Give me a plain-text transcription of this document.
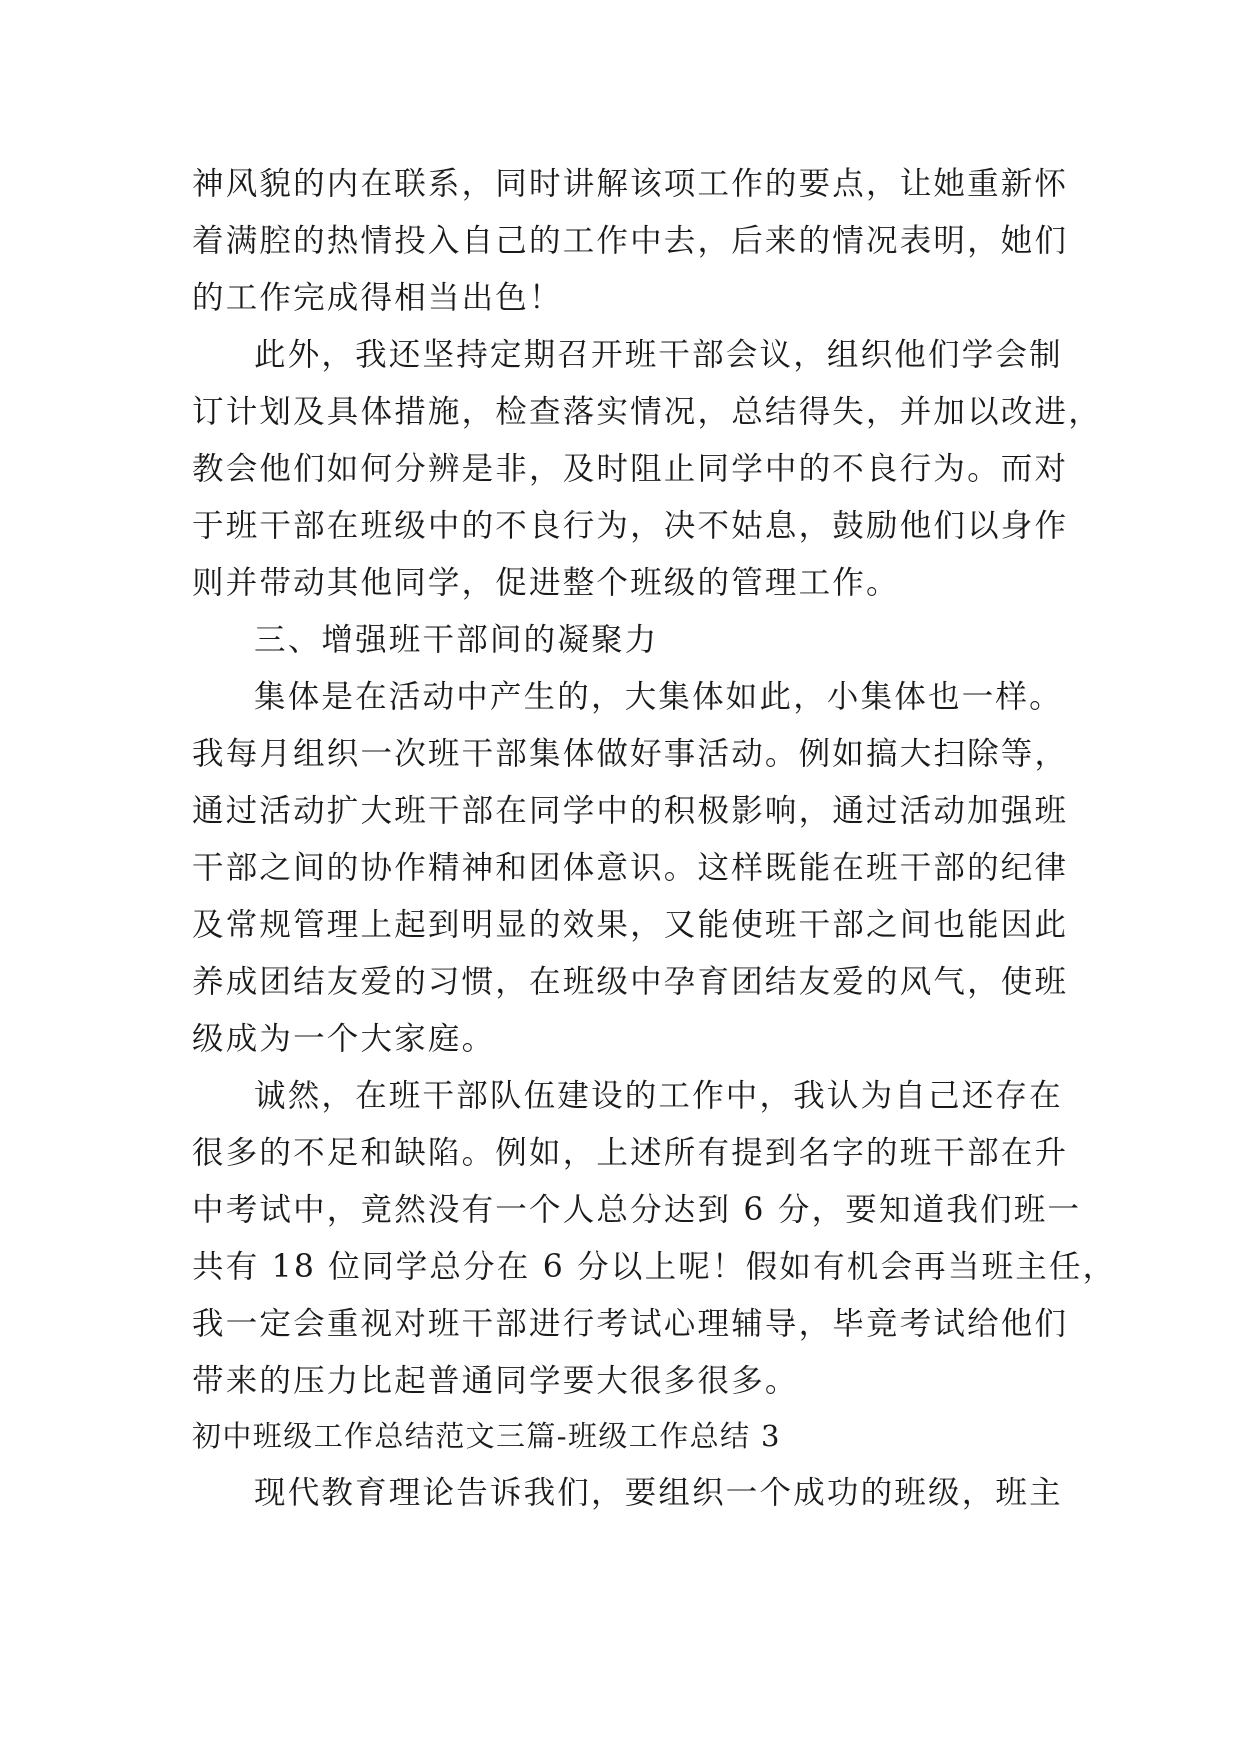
神风貌的内在联系，同时讲解该项工作的要点，让她重新怀
着满腔的热情投入自己的工作中去，后来的情况表明，她们
的工作完成得相当出色！
此外，我还坚持定期召开班干部会议，组织他们学会制
订计划及具体措施，检查落实情况，总结得失，并加以改进，
教会他们如何分辨是非，及时阻止同学中的不良行为。而对
于班干部在班级中的不良行为，决不姑息，鼓励他们以身作
则并带动其他同学，促进整个班级的管理工作。
三、增强班干部间的凝聚力
集体是在活动中产生的，大集体如此，小集体也一样。
我每月组织一次班干部集体做好事活动。例如搞大扫除等，
通过活动扩大班干部在同学中的积极影响，通过活动加强班
干部之间的协作精神和团体意识。这样既能在班干部的纪律
及常规管理上起到明显的效果，又能使班干部之间也能因此
养成团结友爱的习惯，在班级中孕育团结友爱的风气，使班
级成为一个大家庭。
诚然，在班干部队伍建设的工作中，我认为自己还存在
很多的不足和缺陷。例如，上述所有提到名字的班干部在升
中考试中，竟然没有一个人总分达到 6 分，要知道我们班一
共有 18 位同学总分在 6 分以上呢！假如有机会再当班主任，
我一定会重视对班干部进行考试心理辅导，毕竟考试给他们
带来的压力比起普通同学要大很多很多。
初中班级工作总结范文三篇-班级工作总结 3
现代教育理论告诉我们，要组织一个成功的班级，班主
